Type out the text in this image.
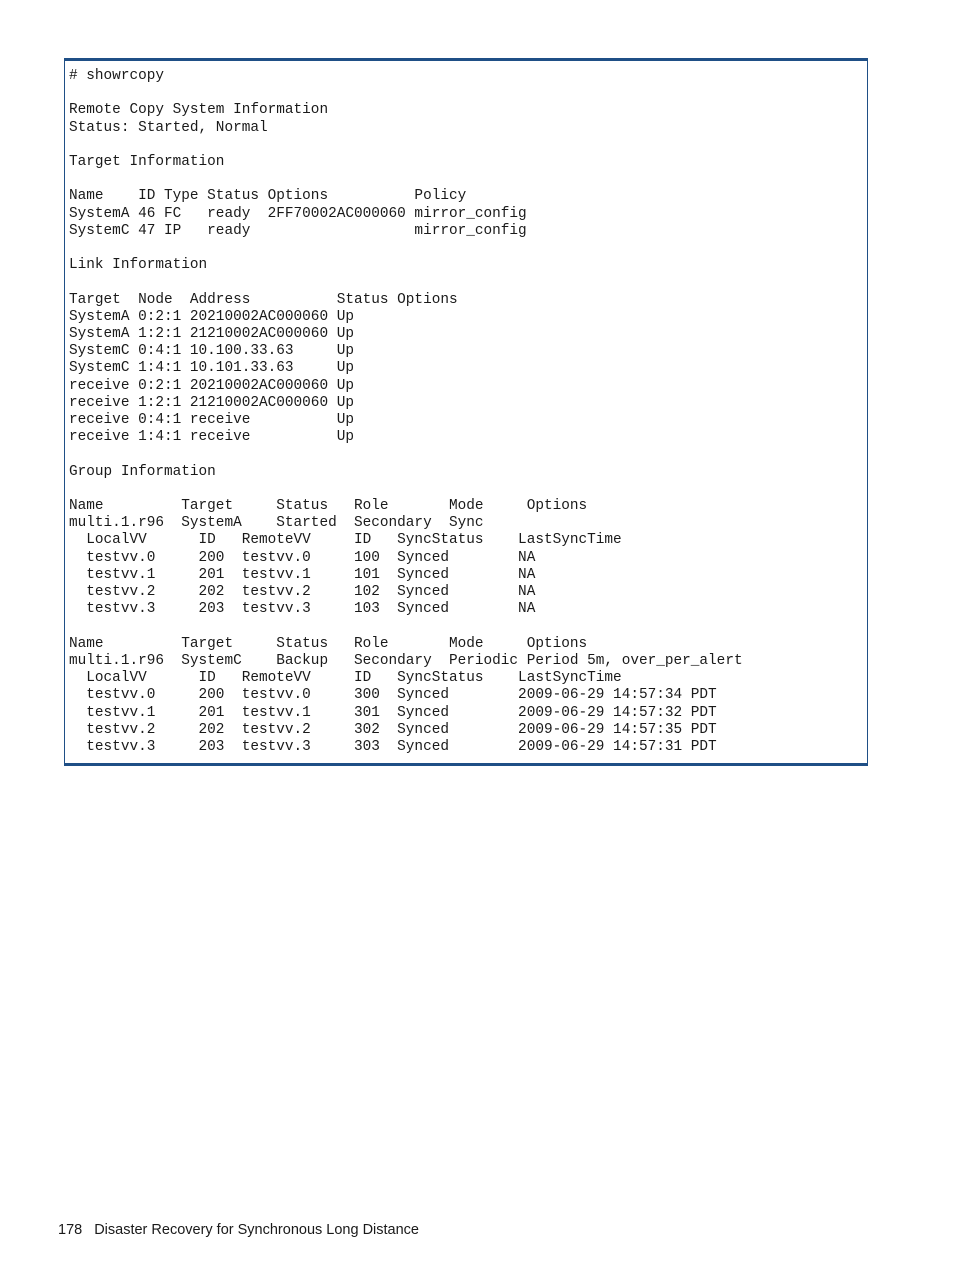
# showrcopy

Remote Copy System Information
Status: Started, Normal

Target Information

Name    ID Type Status Options          Policy
SystemA 46 FC   ready  2FF70002AC000060 mirror_config
SystemC 47 IP   ready                   mirror_config

Link Information

Target  Node  Address          Status Options
SystemA 0:2:1 20210002AC000060 Up
SystemA 1:2:1 21210002AC000060 Up
SystemC 0:4:1 10.100.33.63     Up
SystemC 1:4:1 10.101.33.63     Up
receive 0:2:1 20210002AC000060 Up
receive 1:2:1 21210002AC000060 Up
receive 0:4:1 receive          Up
receive 1:4:1 receive          Up

Group Information

Name         Target     Status   Role       Mode     Options
multi.1.r96  SystemA    Started  Secondary  Sync
LocalVV      ID   RemoteVV     ID   SyncStatus    LastSyncTime
testvv.0     200  testvv.0     100  Synced        NA
testvv.1     201  testvv.1     101  Synced        NA
testvv.2     202  testvv.2     102  Synced        NA
testvv.3     203  testvv.3     103  Synced        NA

Name         Target     Status   Role       Mode     Options
multi.1.r96  SystemC    Backup   Secondary  Periodic Period 5m, over_per_alert
LocalVV      ID   RemoteVV     ID   SyncStatus    LastSyncTime
testvv.0     200  testvv.0     300  Synced        2009-06-29 14:57:34 PDT
testvv.1     201  testvv.1     301  Synced        2009-06-29 14:57:32 PDT
testvv.2     202  testvv.2     302  Synced        2009-06-29 14:57:35 PDT
testvv.3     203  testvv.3     303  Synced        2009-06-29 14:57:31 PDT
178 Disaster Recovery for Synchronous Long Distance
